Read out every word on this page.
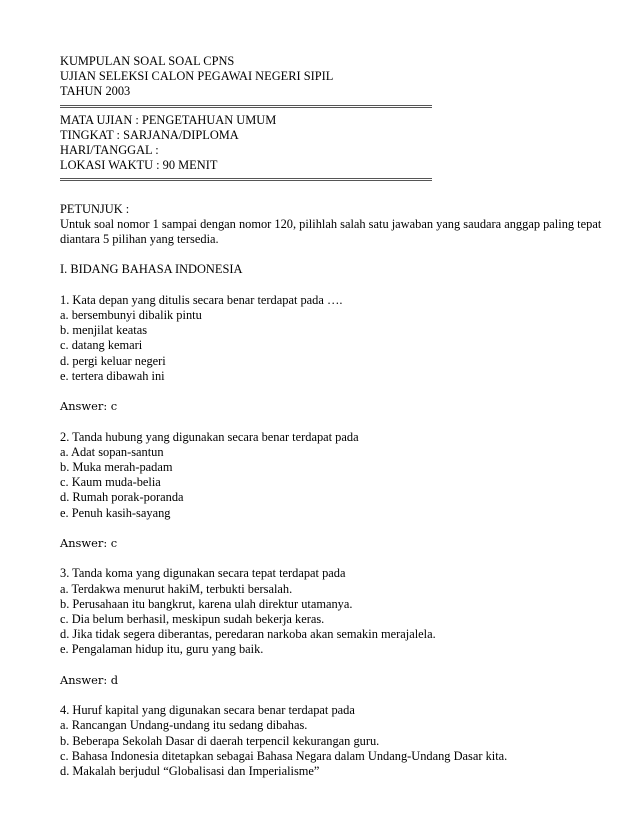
KUMPULAN SOAL SOAL CPNS
UJIAN SELEKSI CALON PEGAWAI NEGERI SIPIL
TAHUN 2003
MATA UJIAN : PENGETAHUAN UMUM
TINGKAT : SARJANA/DIPLOMA
HARI/TANGGAL :
LOKASI WAKTU : 90 MENIT
PETUNJUK :
Untuk soal nomor 1 sampai dengan nomor 120, pilihlah salah satu jawaban yang saudara anggap paling tepat diantara 5 pilihan yang tersedia.
I. BIDANG BAHASA INDONESIA
1. Kata depan yang ditulis secara benar terdapat pada ….
a. bersembunyi dibalik pintu
b. menjilat keatas
c. datang kemari
d. pergi keluar negeri
e. tertera dibawah ini
Answer: c
2. Tanda hubung yang digunakan secara benar terdapat pada
a. Adat sopan-santun
b. Muka merah-padam
c. Kaum muda-belia
d. Rumah porak-poranda
e. Penuh kasih-sayang
Answer: c
3. Tanda koma yang digunakan secara tepat terdapat pada
a. Terdakwa menurut hakiM, terbukti bersalah.
b. Perusahaan itu bangkrut, karena ulah direktur utamanya.
c. Dia belum berhasil, meskipun sudah bekerja keras.
d. Jika tidak segera diberantas, peredaran narkoba akan semakin merajalela.
e. Pengalaman hidup itu, guru yang baik.
Answer: d
4. Huruf kapital yang digunakan secara benar terdapat pada
a. Rancangan Undang-undang itu sedang dibahas.
b. Beberapa Sekolah Dasar di daerah terpencil kekurangan guru.
c. Bahasa Indonesia ditetapkan sebagai Bahasa Negara dalam Undang-Undang Dasar kita.
d. Makalah berjudul “Globalisasi dan Imperialisme”
